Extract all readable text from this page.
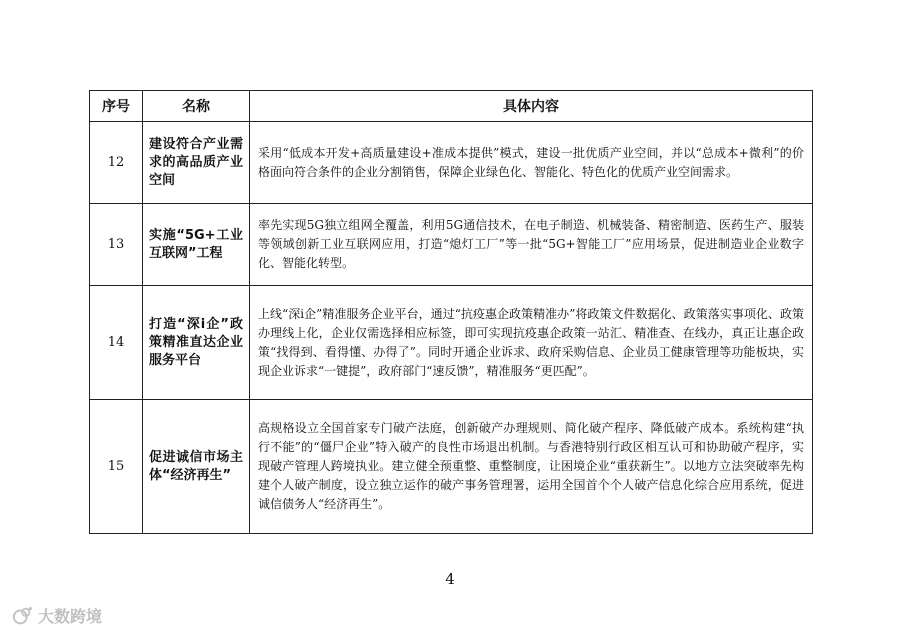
序号	名称	具体内容
12	建设符合产业需求的高品质产业空间	采用“低成本开发+高质量建设+准成本提供”模式，建设一批优质产业空间，并以“总成本+微利”的价格面向符合条件的企业分割销售，保障企业绿色化、智能化、特色化的优质产业空间需求。
13	实施“5G+工业互联网”工程	率先实现5G独立组网全覆盖，利用5G通信技术，在电子制造、机械装备、精密制造、医药生产、服装等领域创新工业互联网应用，打造“熄灯工厂”等一批“5G+智能工厂”应用场景，促进制造业企业数字化、智能化转型。
14	打造“深i企”政策精准直达企业服务平台	上线“深i企”精准服务企业平台，通过“抗疫惠企政策精准办”将政策文件数据化、政策落实事项化、政策办理线上化，企业仅需选择相应标签，即可实现抗疫惠企政策一站汇、精准查、在线办，真正让惠企政策“找得到、看得懂、办得了”。同时开通企业诉求、政府采购信息、企业员工健康管理等功能板块，实现企业诉求“一键提”，政府部门“速反馈”，精准服务“更匹配”。
15	促进诚信市场主体“经济再生”	高规格设立全国首家专门破产法庭，创新破产办理规则、简化破产程序、降低破产成本。系统构建“执行不能”的“僵尸企业”特入破产的良性市场退出机制。与香港特别行政区相互认可和协助破产程序，实现破产管理人跨境执业。建立健全预重整、重整制度，让困境企业“重获新生”。以地方立法突破率先构建个人破产制度，设立独立运作的破产事务管理署，运用全国首个个人破产信息化综合应用系统，促进诚信债务人“经济再生”。
4
大数跨境
